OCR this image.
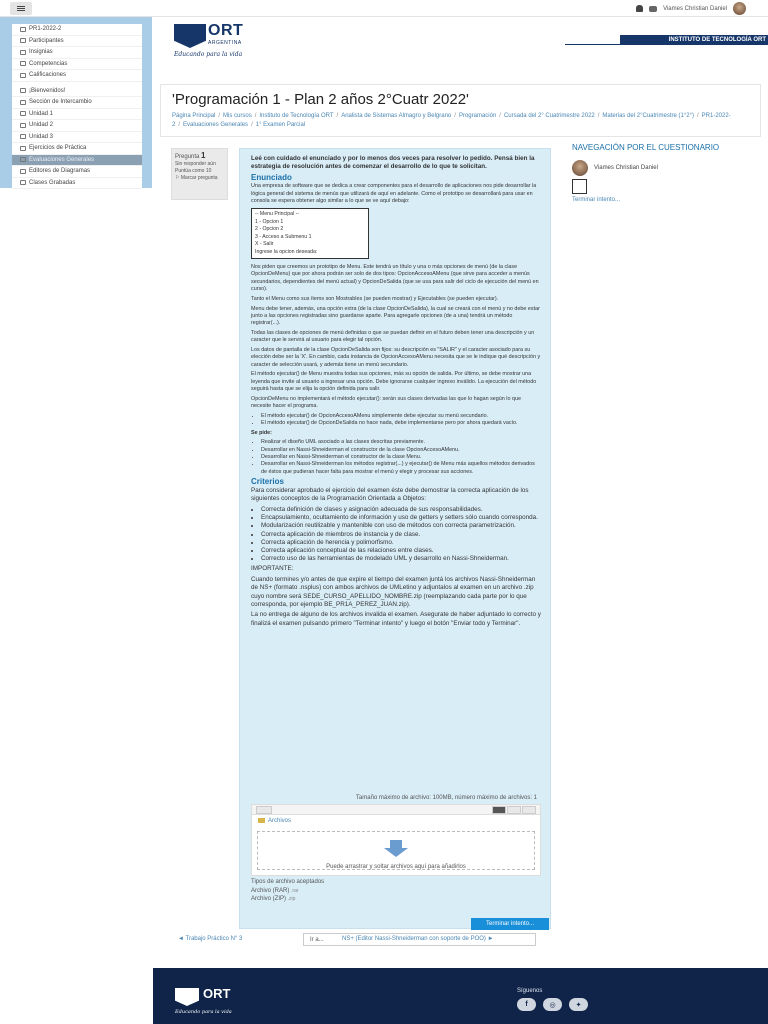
Viames Christian Daniel
PR1-2022-2
Participantes
Insignias
Competencias
Calificaciones
¡Bienvenidos!
Sección de Intercambio
Unidad 1
Unidad 2
Unidad 3
Ejercicios de Práctica
Evaluaciones Generales
Editores de Diagramas
Clases Grabadas
ORT
ARGENTINA
Educando para la vida
INSTITUTO DE TECNOLOGÍA ORT
'Programación 1 - Plan 2 años 2°Cuatr 2022'
Página Principal / Mis cursos / Instituto de Tecnología ORT / Analista de Sistemas Almagro y Belgrano / Programación / Cursada del 2° Cuatrimestre 2022 / Materias del 2°Cuatrimestre (1°2°) / PR1-2022-2 / Evaluaciones Generales / 1° Examen Parcial
Pregunta 1
Sin responder aún
Puntúa como 10
⚐ Marcar pregunta

Leé con cuidado el enunciado y por lo menos dos veces para resolver lo pedido. Pensá bien la estrategia de resolución antes de comenzar el desarrollo de lo que te solicitan.

Enunciado

Una empresa de software que se dedica a crear componentes para el desarrollo de aplicaciones nos pide desarrollar la lógica general del sistema de menús que utilizará de aquí en adelante. Como el prototipo se desarrollará para usar en consola se espera obtener algo similar a lo que se ve aquí debajo:

-- Menu Principal --
1 - Opcion 1
2 - Opcion 2
3 - Acceso a Submenu 1
X - Salir
Ingrese la opcion deseada:

Nos piden que creemos un prototipo de Menu. Este tendrá un título y una o más opciones de menú (de la clase OpcionDeMenu) que por ahora podrán ser solo de dos tipos: OpcionAccesoAMenu (que sirve para acceder a menús secundarios, dependientes del menú actual) y OpcionDeSalida (que se usa para salir del ciclo de ejecución del menú en curso).

Tanto el Menu como sus ítems son Mostrables (se pueden mostrar) y Ejecutables (se pueden ejecutar).

Menu debe tener, además, una opción extra (de la clase OpcionDeSalida), la cual se creará con el menú y no debe estar junto a las opciones registradas sino guardarse aparte. Para agregarle opciones (de a una) tendrá un método registrar(...).

Todas las clases de opciones de menú definidas o que se puedan definir en el futuro deben tener una descripción y un caracter que le servirá al usuario para elegir tal opción.

Los datos de pantalla de la clase OpcionDeSalida son fijos: su descripción es "SALIR" y el caracter asociado para su elección debe ser la 'X'. En cambio, cada instancia de OpcionAccesoAMenu necesita que se le indique qué descripción y caracter de selección usará, y además tiene un menú secundario.

El método ejecutar() de Menu muestra todas sus opciones, más su opción de salida. Por último, se debe mostrar una leyenda que invite al usuario a ingresar una opción. Debe ignorarse cualquier ingreso inválido. La ejecución del método seguirá hasta que se elija la opción definida para salir.

OpcionDeMenu no implementará el método ejecutar(): serán sus clases derivadas las que lo hagan según lo que necesite hacer el programa.

• El método ejecutar() de OpcionAccesoAMenu simplemente debe ejecutar su menú secundario.
• El método ejecutar() de OpcionDeSalida no hace nada, debe implementarse pero por ahora quedará vacío.

Se pide:

• Realizar el diseño UML asociado a las clases descritas previamente.
• Desarrollar en Nassi-Shneiderman el constructor de la clase OpcionAccesoAMenu.
• Desarrollar en Nassi-Shneiderman el constructor de la clase Menu.
• Desarrollar en Nassi-Shneiderman los métodos registrar(...) y ejecutar() de Menu más aquellos métodos derivados de éstos que pudieran hacer falta para mostrar el menú y elegir y procesar sus acciones.
Criterios

Para considerar aprobado el ejercicio del examen éste debe demostrar la correcta aplicación de los siguientes conceptos de la Programación Orientada a Objetos:

• Correcta definición de clases y asignación adecuada de sus responsabilidades.
• Encapsulamiento, ocultamiento de información y uso de getters y setters sólo cuando corresponda.
• Modularización reutilizable y mantenible con uso de métodos con correcta parametrización.
• Correcta aplicación de miembros de instancia y de clase.
• Correcta aplicación de herencia y polimorfismo.
• Correcta aplicación conceptual de las relaciones entre clases.
• Correcto uso de las herramientas de modelado UML y desarrollo en Nassi-Shneiderman.

IMPORTANTE:

Cuando termines y/o antes de que expire el tiempo del examen juntá los archivos Nassi-Shneiderman de NS+ (formato .nsplus) con ambos archivos de UMLetino y adjuntalos al examen en un archivo .zip cuyo nombre será SEDE_CURSO_APELLIDO_NOMBRE.zip (reemplazando cada parte por lo que corresponda, por ejemplo BE_PR1A_PEREZ_JUAN.zip).

La no entrega de alguno de los archivos invalida el examen. Asegurate de haber adjuntado lo correcto y finalizá el examen pulsando primero "Terminar intento" y luego el botón "Enviar todo y Terminar".

Tamaño máximo de archivo: 100MB, número máximo de archivos: 1
Archivos
Puede arrastrar y soltar archivos aquí para añadirlos
Tipos de archivo aceptados
Archivo (RAR) .rar
Archivo (ZIP) .zip
NAVEGACIÓN POR EL CUESTIONARIO
Viames Christian Daniel
Terminar intento...
Terminar intento...
◄ Trabajo Práctico N° 3	Ir a...	NS+ (Editor Nassi-Shneiderman con soporte de POO) ►
ORT
Educando para la vida
Síguenos
f	◎	✦
